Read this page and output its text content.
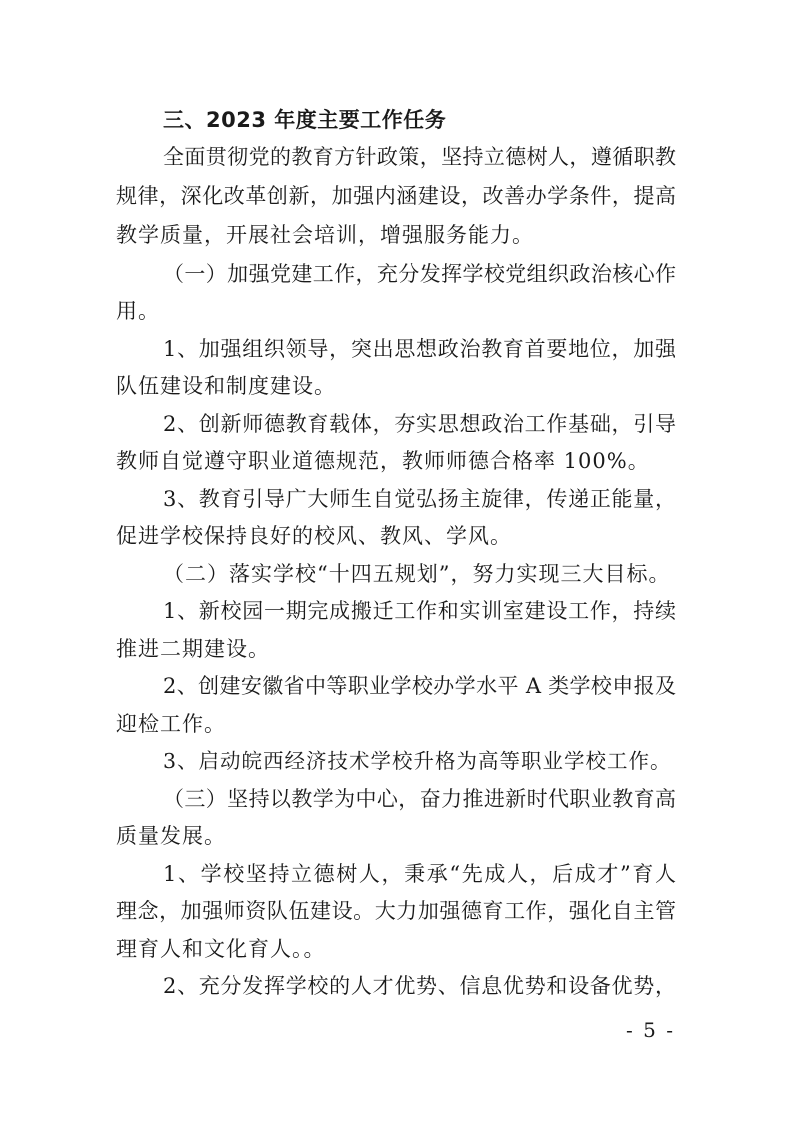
三、2023 年度主要工作任务
全面贯彻党的教育方针政策，坚持立德树人，遵循职教
规律，深化改革创新，加强内涵建设，改善办学条件，提高
教学质量，开展社会培训，增强服务能力。
（一）加强党建工作，充分发挥学校党组织政治核心作
用。
1、加强组织领导，突出思想政治教育首要地位，加强
队伍建设和制度建设。
2、创新师德教育载体，夯实思想政治工作基础，引导
教师自觉遵守职业道德规范，教师师德合格率 100%。
3、教育引导广大师生自觉弘扬主旋律，传递正能量，
促进学校保持良好的校风、教风、学风。
（二）落实学校“十四五规划”，努力实现三大目标。
1、新校园一期完成搬迁工作和实训室建设工作，持续
推进二期建设。
2、创建安徽省中等职业学校办学水平 A 类学校申报及
迎检工作。
3、启动皖西经济技术学校升格为高等职业学校工作。
（三）坚持以教学为中心，奋力推进新时代职业教育高
质量发展。
1、学校坚持立德树人，秉承“先成人，后成才”育人
理念，加强师资队伍建设。大力加强德育工作，强化自主管
理育人和文化育人。。
2、充分发挥学校的人才优势、信息优势和设备优势，
- 5 -
